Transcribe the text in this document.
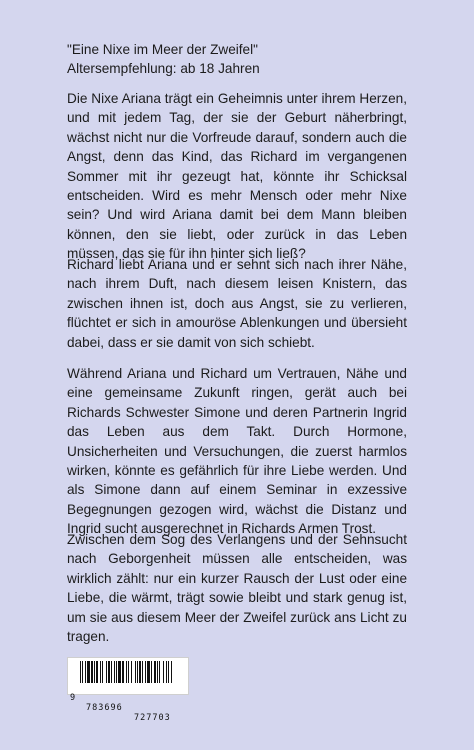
"Eine Nixe im Meer der Zweifel"
Altersempfehlung: ab 18 Jahren

Die Nixe Ariana trägt ein Geheimnis unter ihrem Herzen, und mit jedem Tag, der sie der Geburt näherbringt, wächst nicht nur die Vorfreude darauf, sondern auch die Angst, denn das Kind, das Richard im vergangenen Sommer mit ihr gezeugt hat, könnte ihr Schicksal entscheiden. Wird es mehr Mensch oder mehr Nixe sein? Und wird Ariana damit bei dem Mann bleiben können, den sie liebt, oder zurück in das Leben müssen, das sie für ihn hinter sich ließ?

Richard liebt Ariana und er sehnt sich nach ihrer Nähe, nach ihrem Duft, nach diesem leisen Knistern, das zwischen ihnen ist, doch aus Angst, sie zu verlieren, flüchtet er sich in amouröse Ablenkungen und übersieht dabei, dass er sie damit von sich schiebt.

Während Ariana und Richard um Vertrauen, Nähe und eine gemeinsame Zukunft ringen, gerät auch bei Richards Schwester Simone und deren Partnerin Ingrid das Leben aus dem Takt. Durch Hormone, Unsicherheiten und Versuchungen, die zuerst harmlos wirken, könnte es gefährlich für ihre Liebe werden. Und als Simone dann auf einem Seminar in exzessive Begegnungen gezogen wird, wächst die Distanz und Ingrid sucht ausgerechnet in Richards Armen Trost.

Zwischen dem Sog des Verlangens und der Sehnsucht nach Geborgenheit müssen alle entscheiden, was wirklich zählt: nur ein kurzer Rausch der Lust oder eine Liebe, die wärmt, trägt sowie bleibt und stark genug ist, um sie aus diesem Meer der Zweifel zurück ans Licht zu tragen.

9

783696

727703
